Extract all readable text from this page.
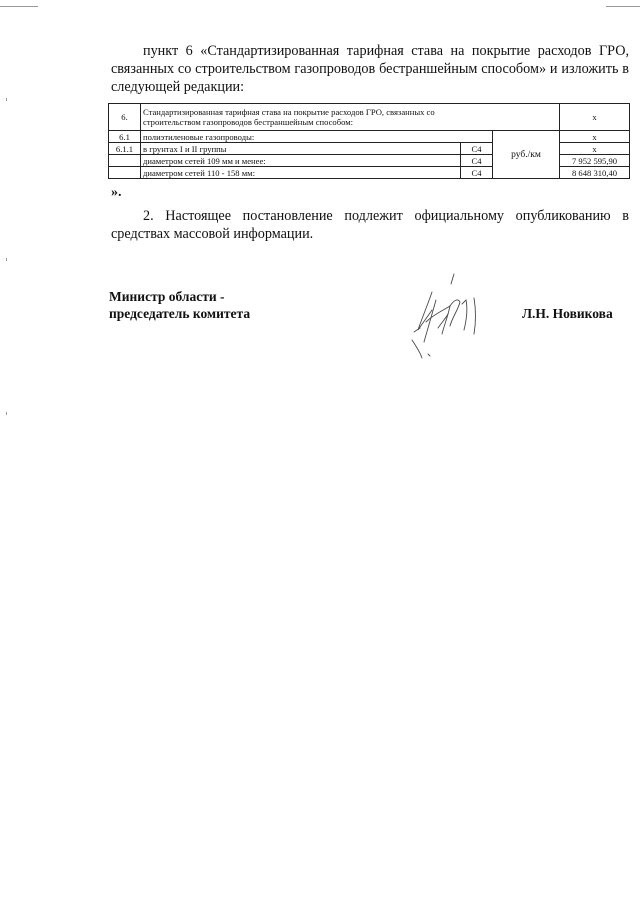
пункт 6 «Стандартизированная тарифная става на покрытие расходов ГРО, связанных со строительством газопроводов бестраншейным способом» и изложить в следующей редакции:
6.	Стандартизированная тарифная става на покрытие расходов ГРО, связанных со строительством газопроводов бестраншейным способом:			x
6.1	полиэтиленовые газопроводы:		руб./км	x
6.1.1	в грунтах I и II группы	C4		x
	диаметром сетей 109 мм и менее:	C4		7 952 595,90
	диаметром сетей 110 - 158 мм:	C4		8 648 310,40
».
2. Настоящее постановление подлежит официальному опубликованию в средствах массовой информации.
Министр области -
председатель комитета	Л.Н. Новикова
